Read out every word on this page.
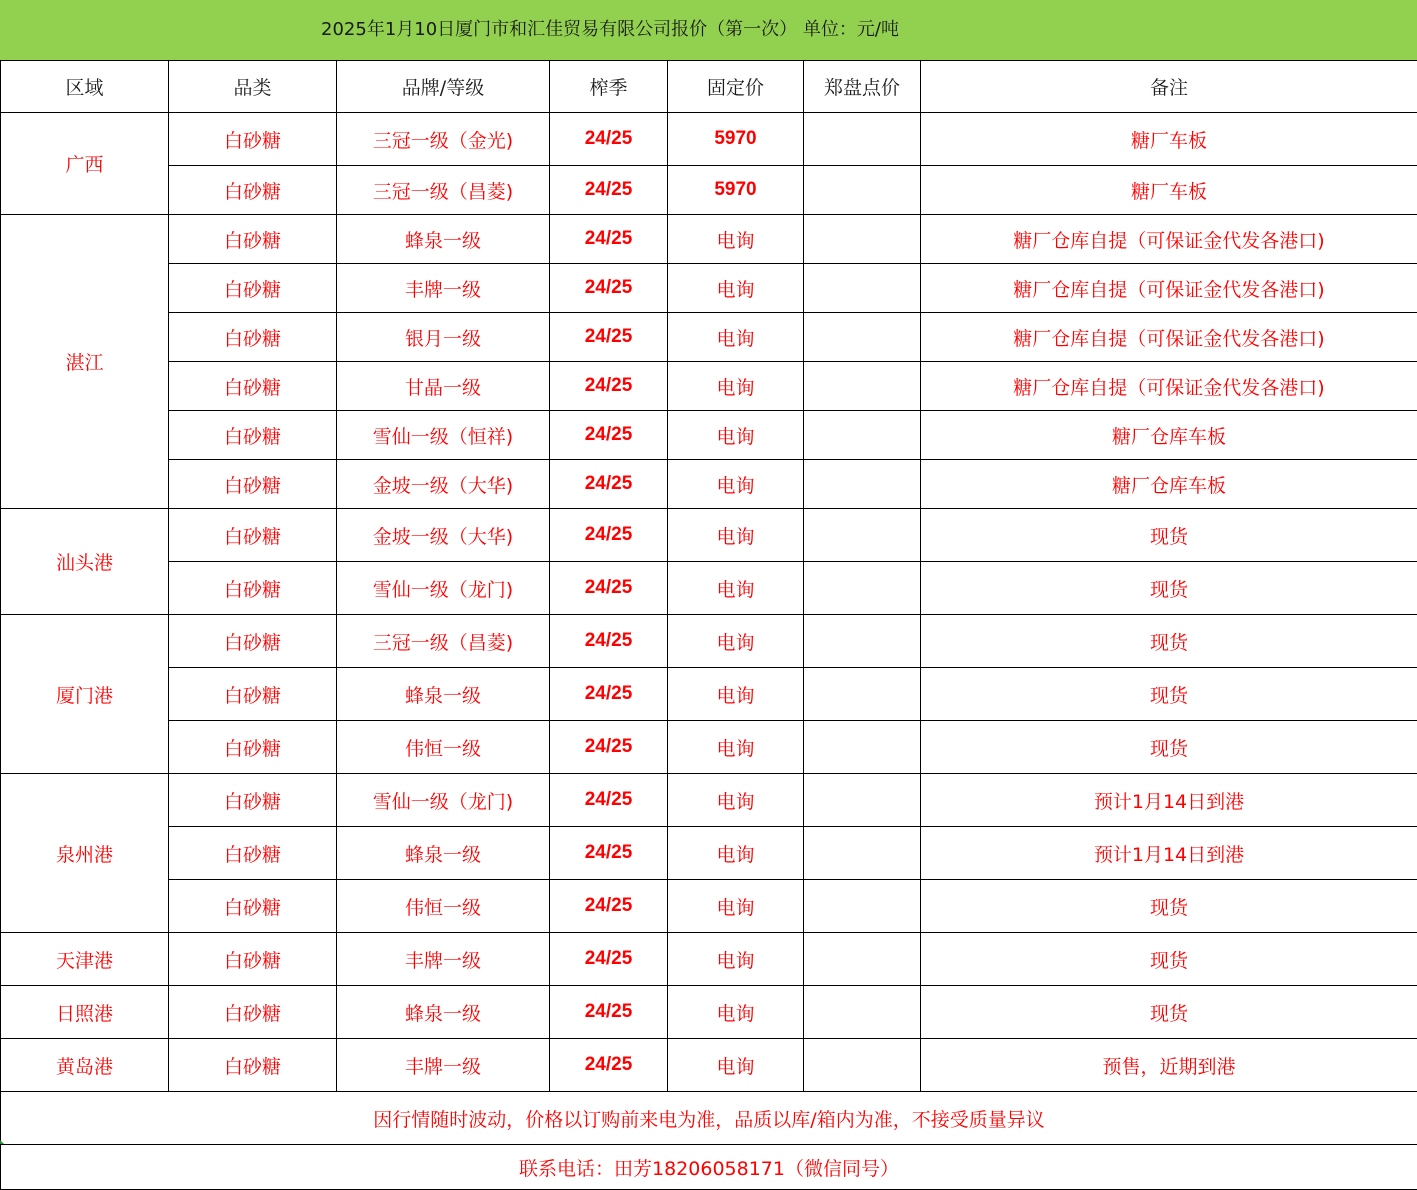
2025年1月10日厦门市和汇佳贸易有限公司报价（第一次） 单位：元/吨
区域	品类	品牌/等级	榨季	固定价	郑盘点价	备注
广西	白砂糖	三冠一级（金光)	24/25	5970		糖厂车板
	白砂糖	三冠一级（昌菱)	24/25	5970		糖厂车板
湛江	白砂糖	蜂泉一级	24/25	电询		糖厂仓库自提（可保证金代发各港口)
	白砂糖	丰牌一级	24/25	电询		糖厂仓库自提（可保证金代发各港口)
	白砂糖	银月一级	24/25	电询		糖厂仓库自提（可保证金代发各港口)
	白砂糖	甘晶一级	24/25	电询		糖厂仓库自提（可保证金代发各港口)
	白砂糖	雪仙一级（恒祥)	24/25	电询		糖厂仓库车板
	白砂糖	金坡一级（大华)	24/25	电询		糖厂仓库车板
汕头港	白砂糖	金坡一级（大华)	24/25	电询		现货
	白砂糖	雪仙一级（龙门)	24/25	电询		现货
厦门港	白砂糖	三冠一级（昌菱)	24/25	电询		现货
	白砂糖	蜂泉一级	24/25	电询		现货
	白砂糖	伟恒一级	24/25	电询		现货
泉州港	白砂糖	雪仙一级（龙门)	24/25	电询		预计1月14日到港
	白砂糖	蜂泉一级	24/25	电询		预计1月14日到港
	白砂糖	伟恒一级	24/25	电询		现货
天津港	白砂糖	丰牌一级	24/25	电询		现货
日照港	白砂糖	蜂泉一级	24/25	电询		现货
黄岛港	白砂糖	丰牌一级	24/25	电询		预售，近期到港
因行情随时波动，价格以订购前来电为准，品质以库/箱内为准，不接受质量异议						
联系电话：田芳18206058171（微信同号）						
